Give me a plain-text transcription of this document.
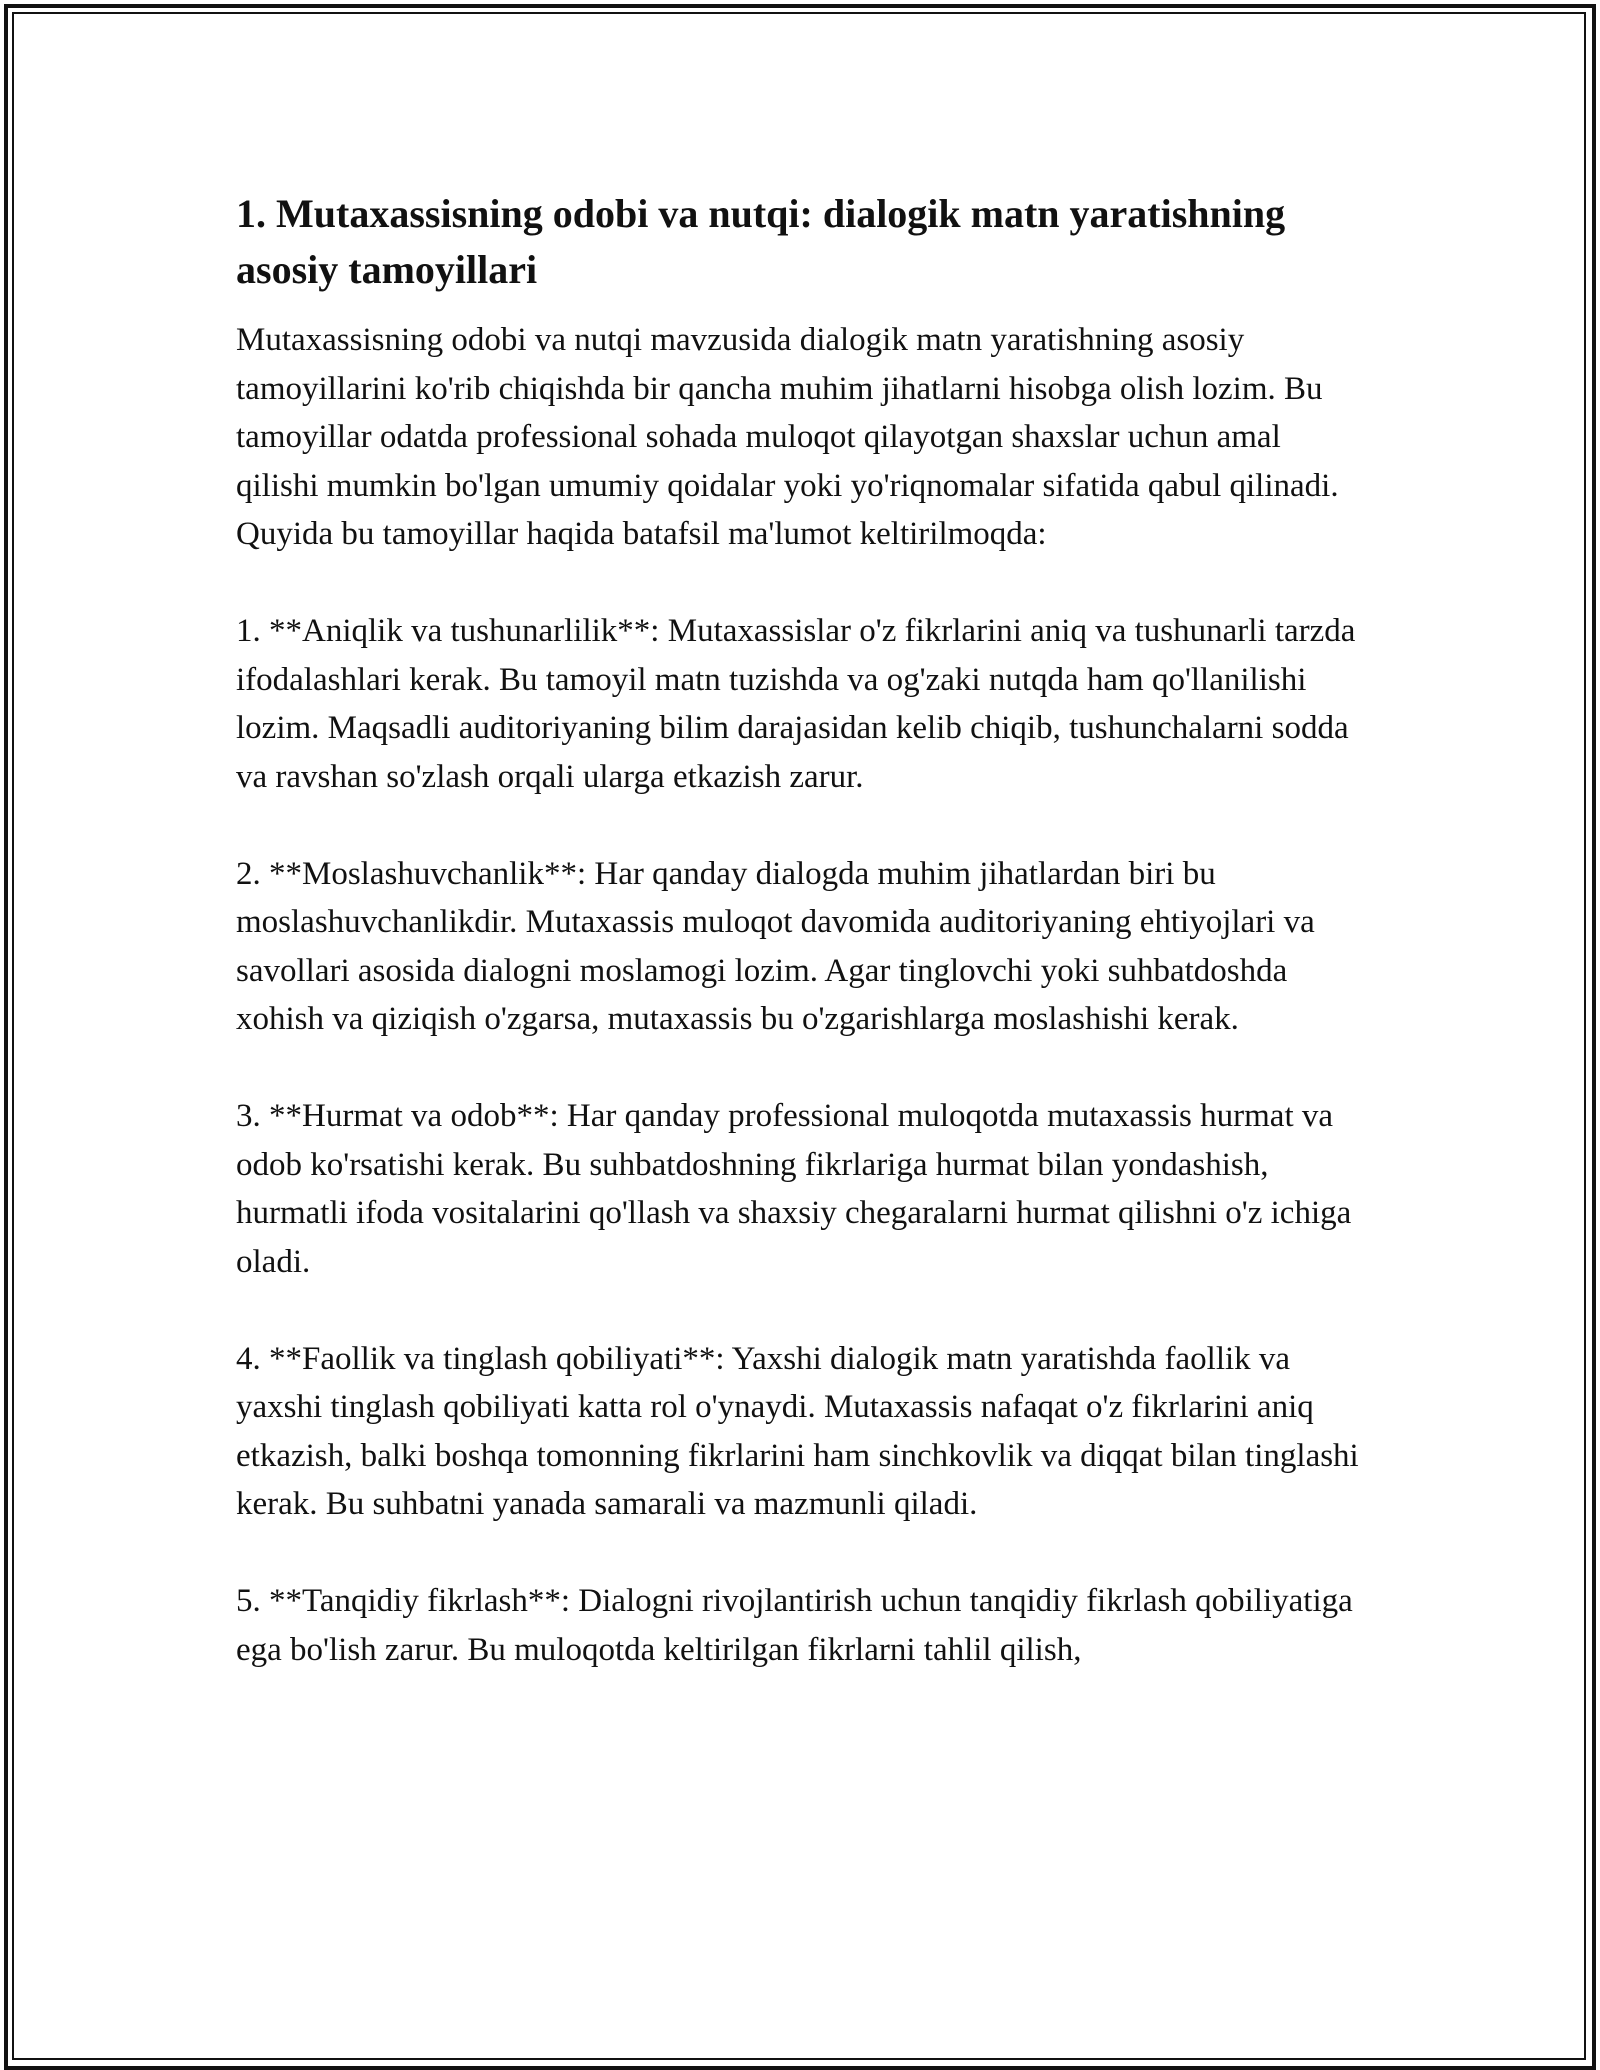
1. Mutaxassisning odobi va nutqi: dialogik matn yaratishning asosiy tamoyillari

Mutaxassisning odobi va nutqi mavzusida dialogik matn yaratishning asosiy tamoyillarini ko'rib chiqishda bir qancha muhim jihatlarni hisobga olish lozim. Bu tamoyillar odatda professional sohada muloqot qilayotgan shaxslar uchun amal qilishi mumkin bo'lgan umumiy qoidalar yoki yo'riqnomalar sifatida qabul qilinadi. Quyida bu tamoyillar haqida batafsil ma'lumot keltirilmoqda:

1. **Aniqlik va tushunarlilik**: Mutaxassislar o'z fikrlarini aniq va tushunarli tarzda ifodalashlari kerak. Bu tamoyil matn tuzishda va og'zaki nutqda ham qo'llanilishi lozim. Maqsadli auditoriyaning bilim darajasidan kelib chiqib, tushunchalarni sodda va ravshan so'zlash orqali ularga etkazish zarur.

2. **Moslashuvchanlik**: Har qanday dialogda muhim jihatlardan biri bu moslashuvchanlikdir. Mutaxassis muloqot davomida auditoriyaning ehtiyojlari va savollari asosida dialogni moslamogi lozim. Agar tinglovchi yoki suhbatdoshda xohish va qiziqish o'zgarsa, mutaxassis bu o'zgarishlarga moslashishi kerak.

3. **Hurmat va odob**: Har qanday professional muloqotda mutaxassis hurmat va odob ko'rsatishi kerak. Bu suhbatdoshning fikrlariga hurmat bilan yondashish, hurmatli ifoda vositalarini qo'llash va shaxsiy chegaralarni hurmat qilishni o'z ichiga oladi.

4. **Faollik va tinglash qobiliyati**: Yaxshi dialogik matn yaratishda faollik va yaxshi tinglash qobiliyati katta rol o'ynaydi. Mutaxassis nafaqat o'z fikrlarini aniq etkazish, balki boshqa tomonning fikrlarini ham sinchkovlik va diqqat bilan tinglashi kerak. Bu suhbatni yanada samarali va mazmunli qiladi.

5. **Tanqidiy fikrlash**: Dialogni rivojlantirish uchun tanqidiy fikrlash qobiliyatiga ega bo'lish zarur. Bu muloqotda keltirilgan fikrlarni tahlil qilish,
